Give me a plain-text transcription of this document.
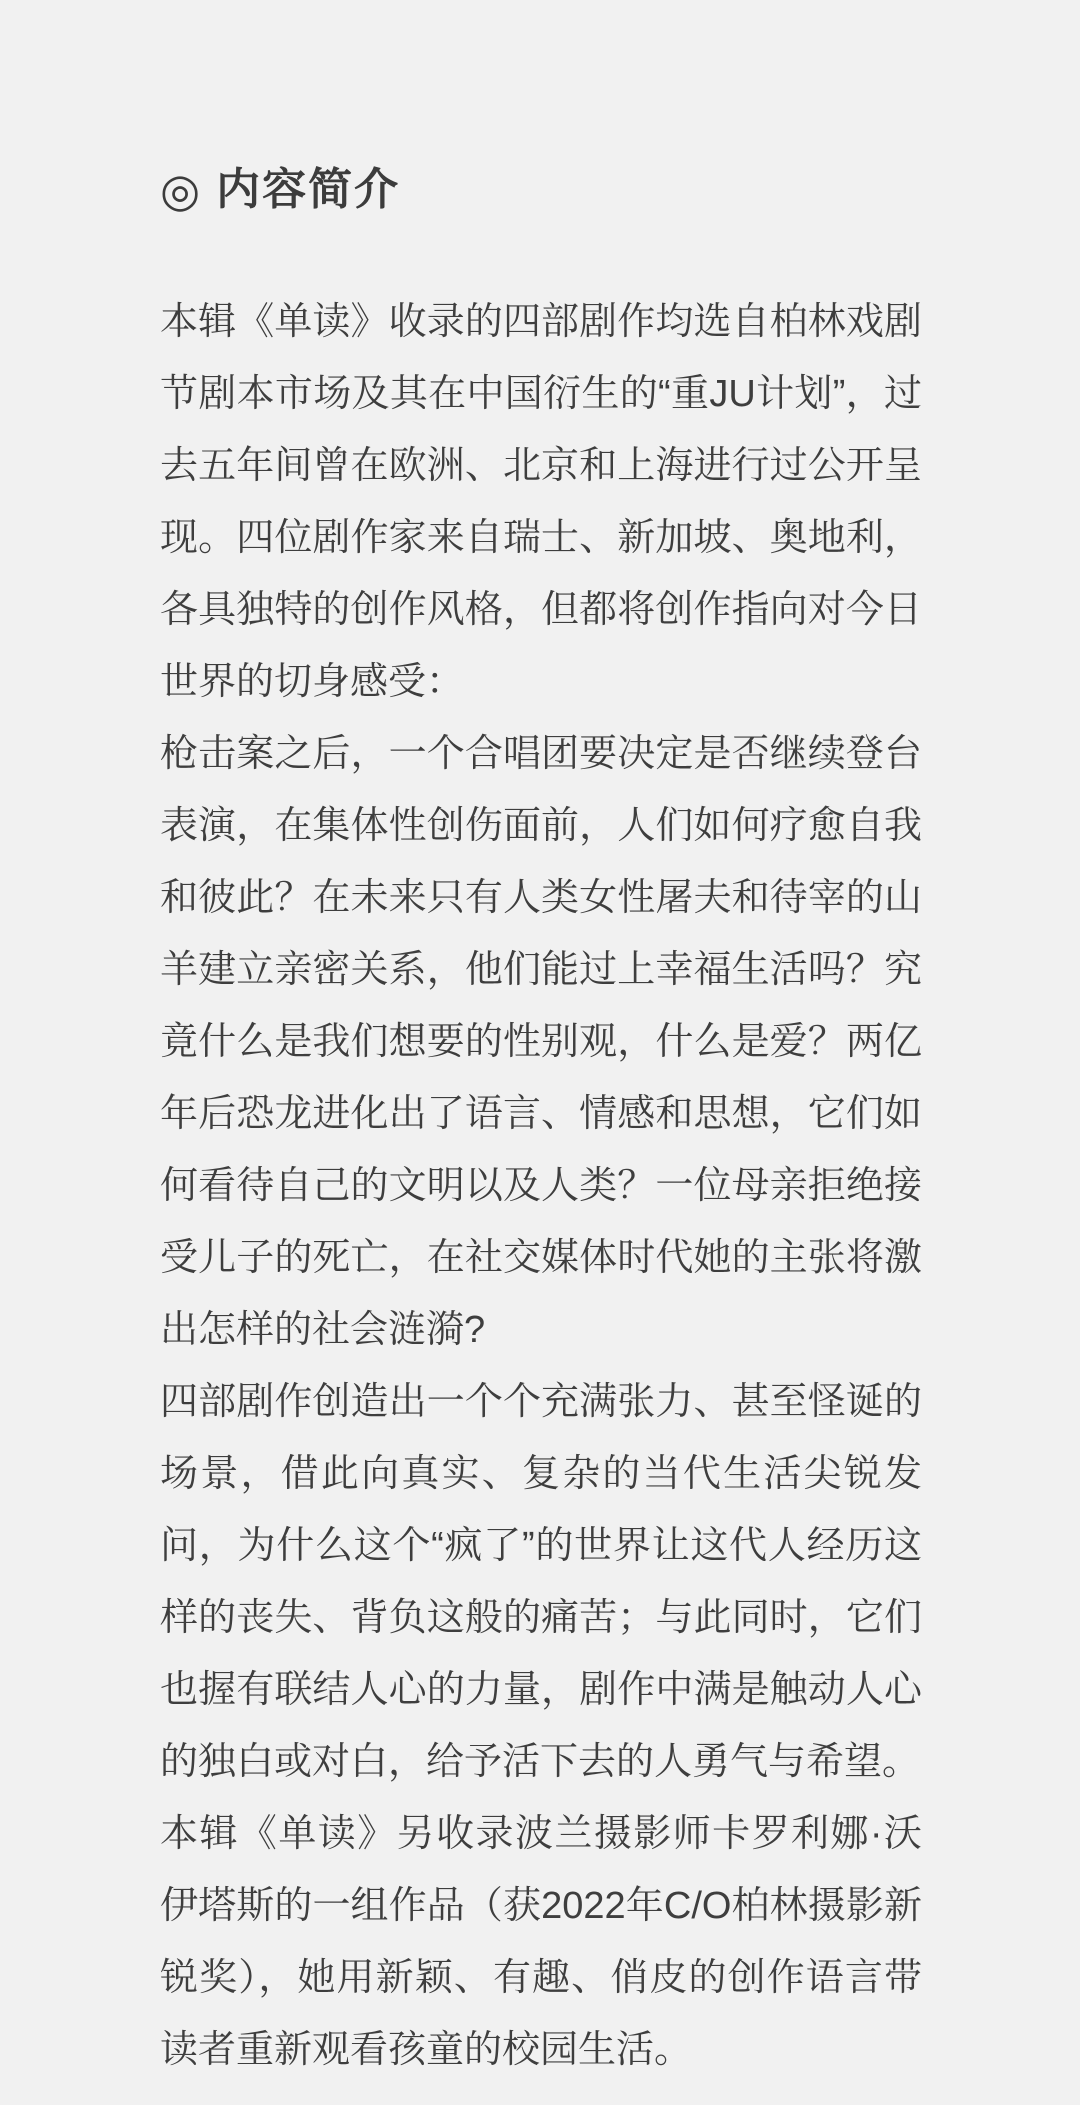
◎ 内容简介

本辑《单读》收录的四部剧作均选自柏林戏剧节剧本市场及其在中国衍生的“重JU计划”，过去五年间曾在欧洲、北京和上海进行过公开呈现。四位剧作家来自瑞士、新加坡、奥地利，各具独特的创作风格，但都将创作指向对今日世界的切身感受：

枪击案之后，一个合唱团要决定是否继续登台表演，在集体性创伤面前，人们如何疗愈自我和彼此？在未来只有人类女性屠夫和待宰的山羊建立亲密关系，他们能过上幸福生活吗？究竟什么是我们想要的性别观，什么是爱？两亿年后恐龙进化出了语言、情感和思想，它们如何看待自己的文明以及人类？一位母亲拒绝接受儿子的死亡，在社交媒体时代她的主张将激出怎样的社会涟漪?

四部剧作创造出一个个充满张力、甚至怪诞的场景，借此向真实、复杂的当代生活尖锐发问，为什么这个“疯了”的世界让这代人经历这样的丧失、背负这般的痛苦；与此同时，它们也握有联结人心的力量，剧作中满是触动人心的独白或对白，给予活下去的人勇气与希望。

本辑《单读》另收录波兰摄影师卡罗利娜·沃伊塔斯的一组作品（获2022年C/O柏林摄影新锐奖），她用新颖、有趣、俏皮的创作语言带读者重新观看孩童的校园生活。
